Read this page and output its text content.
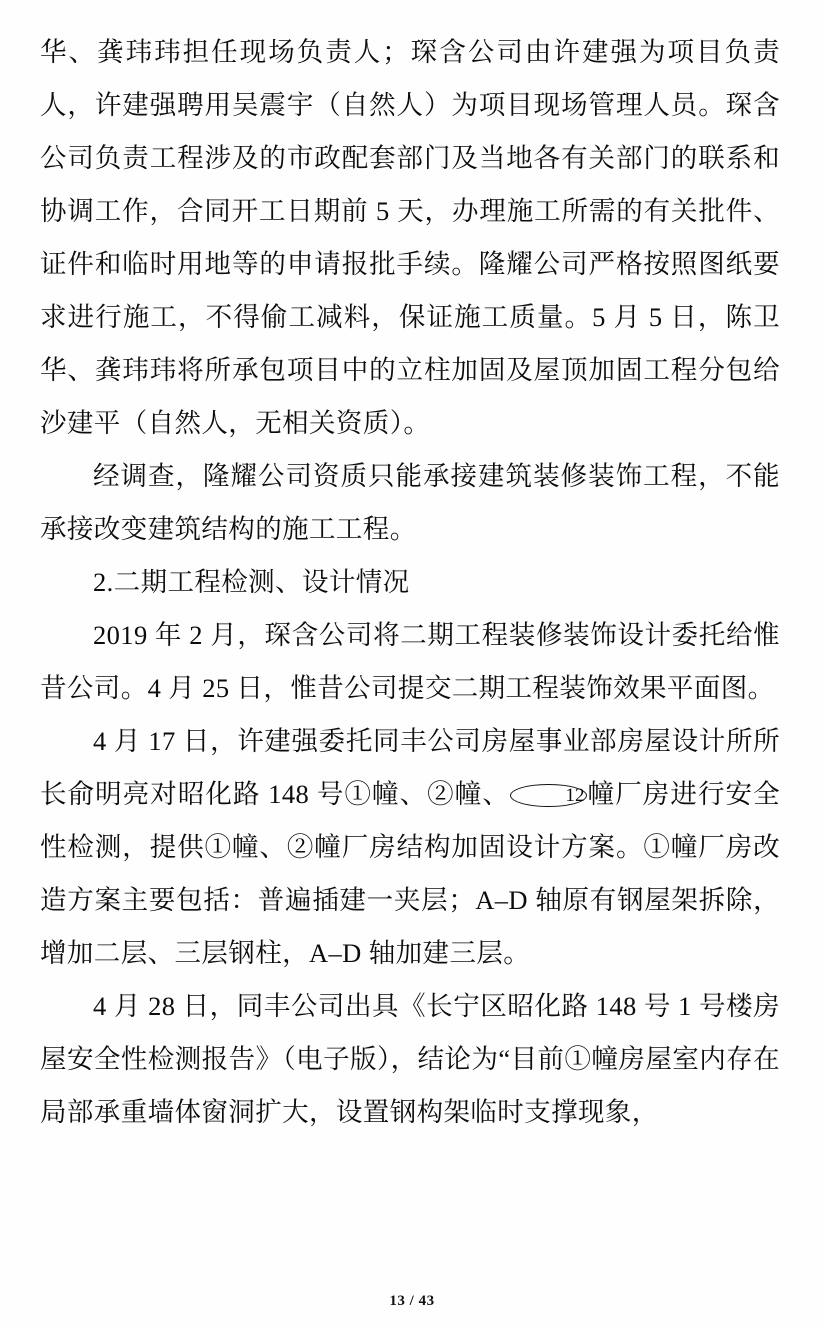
华、龚玮玮担任现场负责人；琛含公司由许建强为项目负责人，许建强聘用吴震宇（自然人）为项目现场管理人员。琛含公司负责工程涉及的市政配套部门及当地各有关部门的联系和协调工作，合同开工日期前 5 天，办理施工所需的有关批件、证件和临时用地等的申请报批手续。隆耀公司严格按照图纸要求进行施工，不得偷工减料，保证施工质量。5 月 5 日，陈卫华、龚玮玮将所承包项目中的立柱加固及屋顶加固工程分包给沙建平（自然人，无相关资质）。

经调查，隆耀公司资质只能承接建筑装修装饰工程，不能承接改变建筑结构的施工工程。

2.二期工程检测、设计情况

2019 年 2 月，琛含公司将二期工程装修装饰设计委托给惟昔公司。4 月 25 日，惟昔公司提交二期工程装饰效果平面图。

4 月 17 日，许建强委托同丰公司房屋事业部房屋设计所所长俞明亮对昭化路 148 号①幢、②幢、	12幢厂房进行安全性检测，提供①幢、②幢厂房结构加固设计方案。①幢厂房改造方案主要包括：普遍插建一夹层；A–D 轴原有钢屋架拆除，增加二层、三层钢柱，A–D 轴加建三层。

4 月 28 日，同丰公司出具《长宁区昭化路 148 号 1 号楼房屋安全性检测报告》（电子版），结论为“目前①幢房屋室内存在局部承重墙体窗洞扩大，设置钢构架临时支撑现象，

13 / 43
